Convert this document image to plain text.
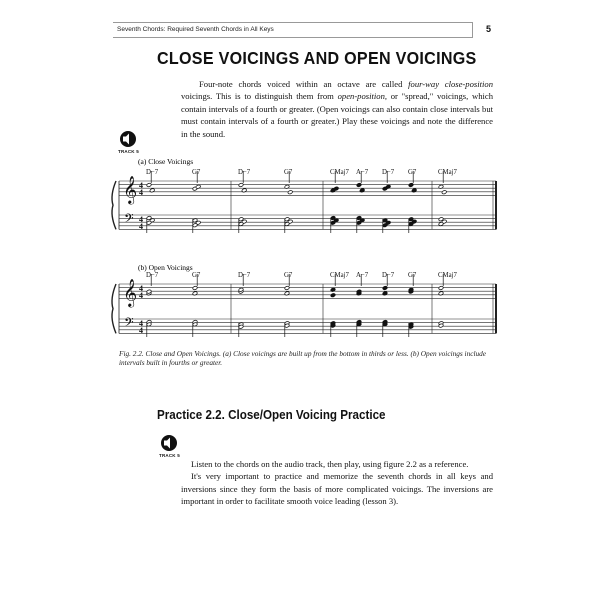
Seventh Chords: Required Seventh Chords in All Keys	5
CLOSE VOICINGS AND OPEN VOICINGS
Four-note chords voiced within an octave are called four-way close-position voicings. This is to distinguish them from open-position, or "spread," voicings, which contain intervals of a fourth or greater. (Open voicings can also contain close intervals but must contain intervals of a fourth or greater.) Play these voicings and note the difference in the sound.
TRACK 5
(a) Close Voicings
(b) Open Voicings
D−7	G7	D−7	G7	CMaj7 A−7 D−7 G7	CMaj7
D−7	G7	D−7	G7	CMaj7 A−7 D−7 G7	CMaj7
𝄞
𝄢
4
4
4
4
𝄞
𝄢
4
4
4
4
Fig. 2.2. Close and Open Voicings. (a) Close voicings are built up from the bottom in thirds or less. (b) Open voicings include intervals built in fourths or greater.
Practice 2.2. Close/Open Voicing Practice
TRACK 5

Listen to the chords on the audio track, then play, using figure 2.2 as a reference.

It's very important to practice and memorize the seventh chords in all keys and inversions since they form the basis of more complicated voicings. The inversions are important in order to facilitate smooth voice leading (lesson 3).
